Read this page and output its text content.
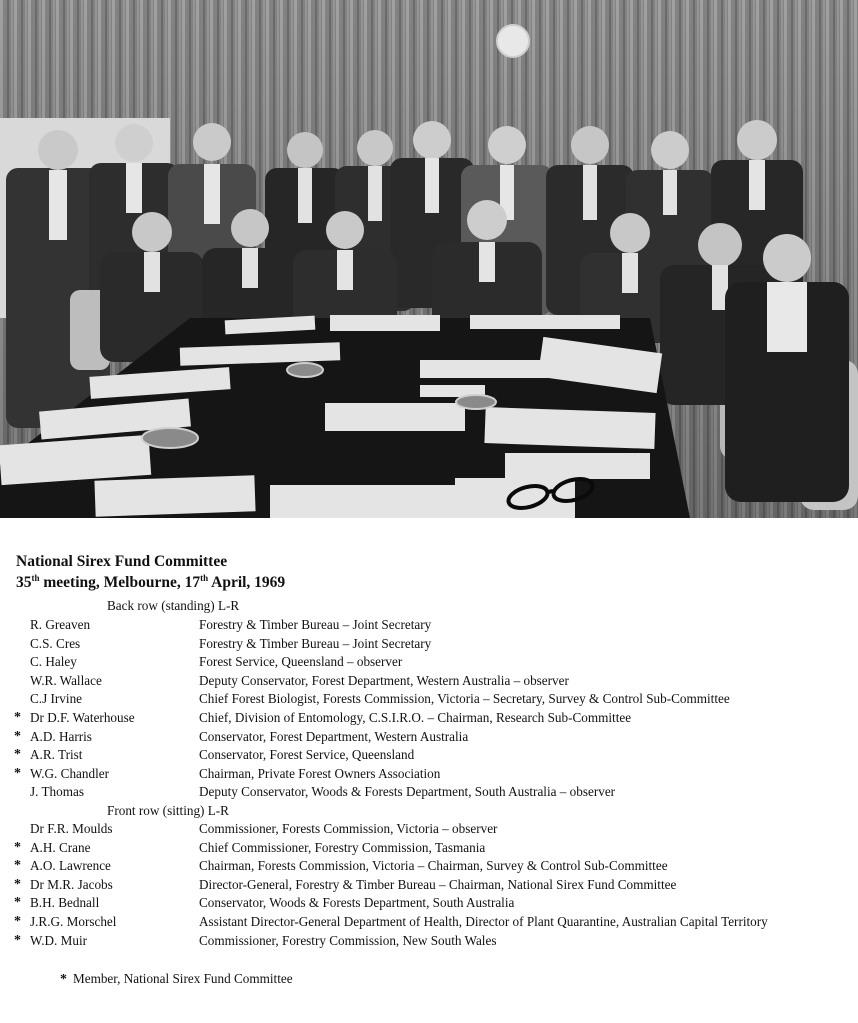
National Sirex Fund Committee
35th meeting, Melbourne, 17th April, 1969
Back row (standing) L-R
R. Greaven	Forestry & Timber Bureau – Joint Secretary
C.S. Cres	Forestry & Timber Bureau – Joint Secretary
C. Haley	Forest Service, Queensland – observer
W.R. Wallace	Deputy Conservator, Forest Department, Western Australia – observer
C.J Irvine	Chief Forest Biologist, Forests Commission, Victoria – Secretary, Survey & Control Sub-Committee
* Dr D.F. Waterhouse	Chief, Division of Entomology, C.S.I.R.O. – Chairman, Research Sub-Committee
* A.D. Harris	Conservator, Forest Department, Western Australia
* A.R. Trist	Conservator, Forest Service, Queensland
* W.G. Chandler	Chairman, Private Forest Owners Association
J. Thomas	Deputy Conservator, Woods & Forests Department, South Australia – observer
Front row (sitting) L-R
Dr F.R. Moulds	Commissioner, Forests Commission, Victoria – observer
* A.H. Crane	Chief Commissioner, Forestry Commission, Tasmania
* A.O. Lawrence	Chairman, Forests Commission, Victoria – Chairman, Survey & Control Sub-Committee
* Dr M.R. Jacobs	Director-General, Forestry & Timber Bureau – Chairman, National Sirex Fund Committee
* B.H. Bednall	Conservator, Woods & Forests Department, South Australia
* J.R.G. Morschel	Assistant Director-General Department of Health, Director of Plant Quarantine, Australian Capital Territory
* W.D. Muir	Commissioner, Forestry Commission, New South Wales
* Member, National Sirex Fund Committee
